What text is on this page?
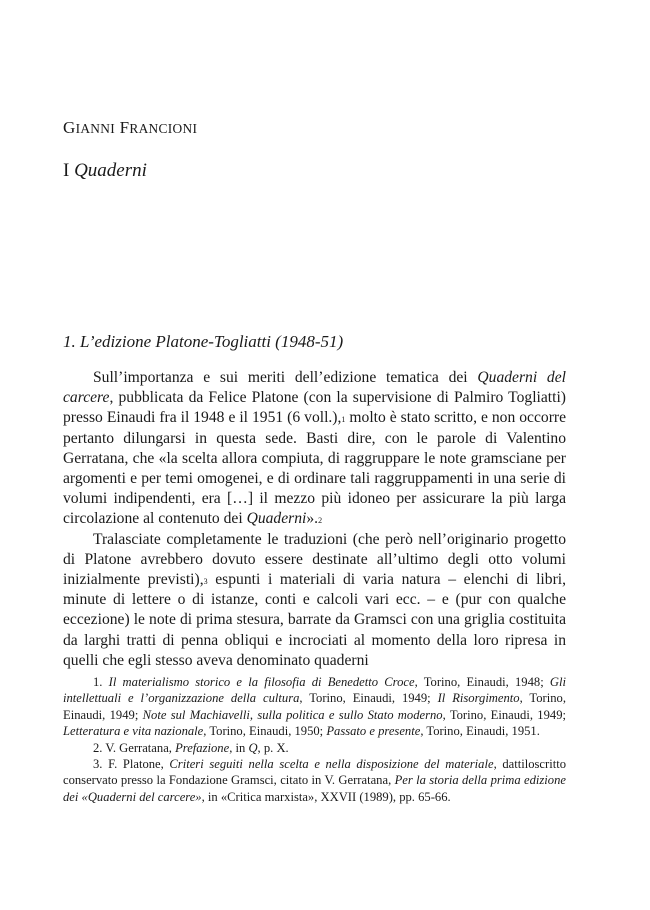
GIANNI FRANCIONI
I Quaderni
1. L’edizione Platone-Togliatti (1948-51)

Sull’importanza e sui meriti dell’edizione tematica dei Quaderni del carcere, pubblicata da Felice Platone (con la supervisione di Palmiro Togliatti) presso Einaudi fra il 1948 e il 1951 (6 voll.),$^1$ molto è stato scritto, e non occorre pertanto dilungarsi in questa sede. Basti dire, con le parole di Valentino Gerratana, che «la scelta allora compiuta, di raggruppare le note gramsciane per argomenti e per temi omogenei, e di ordinare tali raggruppamenti in una serie di volumi indipendenti, era […] il mezzo più idoneo per assicurare la più larga circolazione al contenuto dei Quaderni».$^2$

Tralasciate completamente le traduzioni (che però nell’originario progetto di Platone avrebbero dovuto essere destinate all’ultimo degli otto volumi inizialmente previsti),$^3$ espunti i materiali di varia natura – elenchi di libri, minute di lettere o di istanze, conti e calcoli vari ecc. – e (pur con qualche eccezione) le note di prima stesura, barrate da Gramsci con una griglia costituita da larghi tratti di penna obliqui e incrociati al momento della loro ripresa in quelli che egli stesso aveva denominato quaderni

1. Il materialismo storico e la filosofia di Benedetto Croce, Torino, Einaudi, 1948; Gli intellettuali e l’organizzazione della cultura, Torino, Einaudi, 1949; Il Risorgimento, Torino, Einaudi, 1949; Note sul Machiavelli, sulla politica e sullo Stato moderno, Torino, Einaudi, 1949; Letteratura e vita nazionale, Torino, Einaudi, 1950; Passato e presente, Torino, Einaudi, 1951.

2. V. Gerratana, Prefazione, in Q, p. X.

3. F. Platone, Criteri seguiti nella scelta e nella disposizione del materiale, dattiloscritto conservato presso la Fondazione Gramsci, citato in V. Gerratana, Per la storia della prima edizione dei «Quaderni del carcere», in «Critica marxista», XXVII (1989), pp. 65-66.
